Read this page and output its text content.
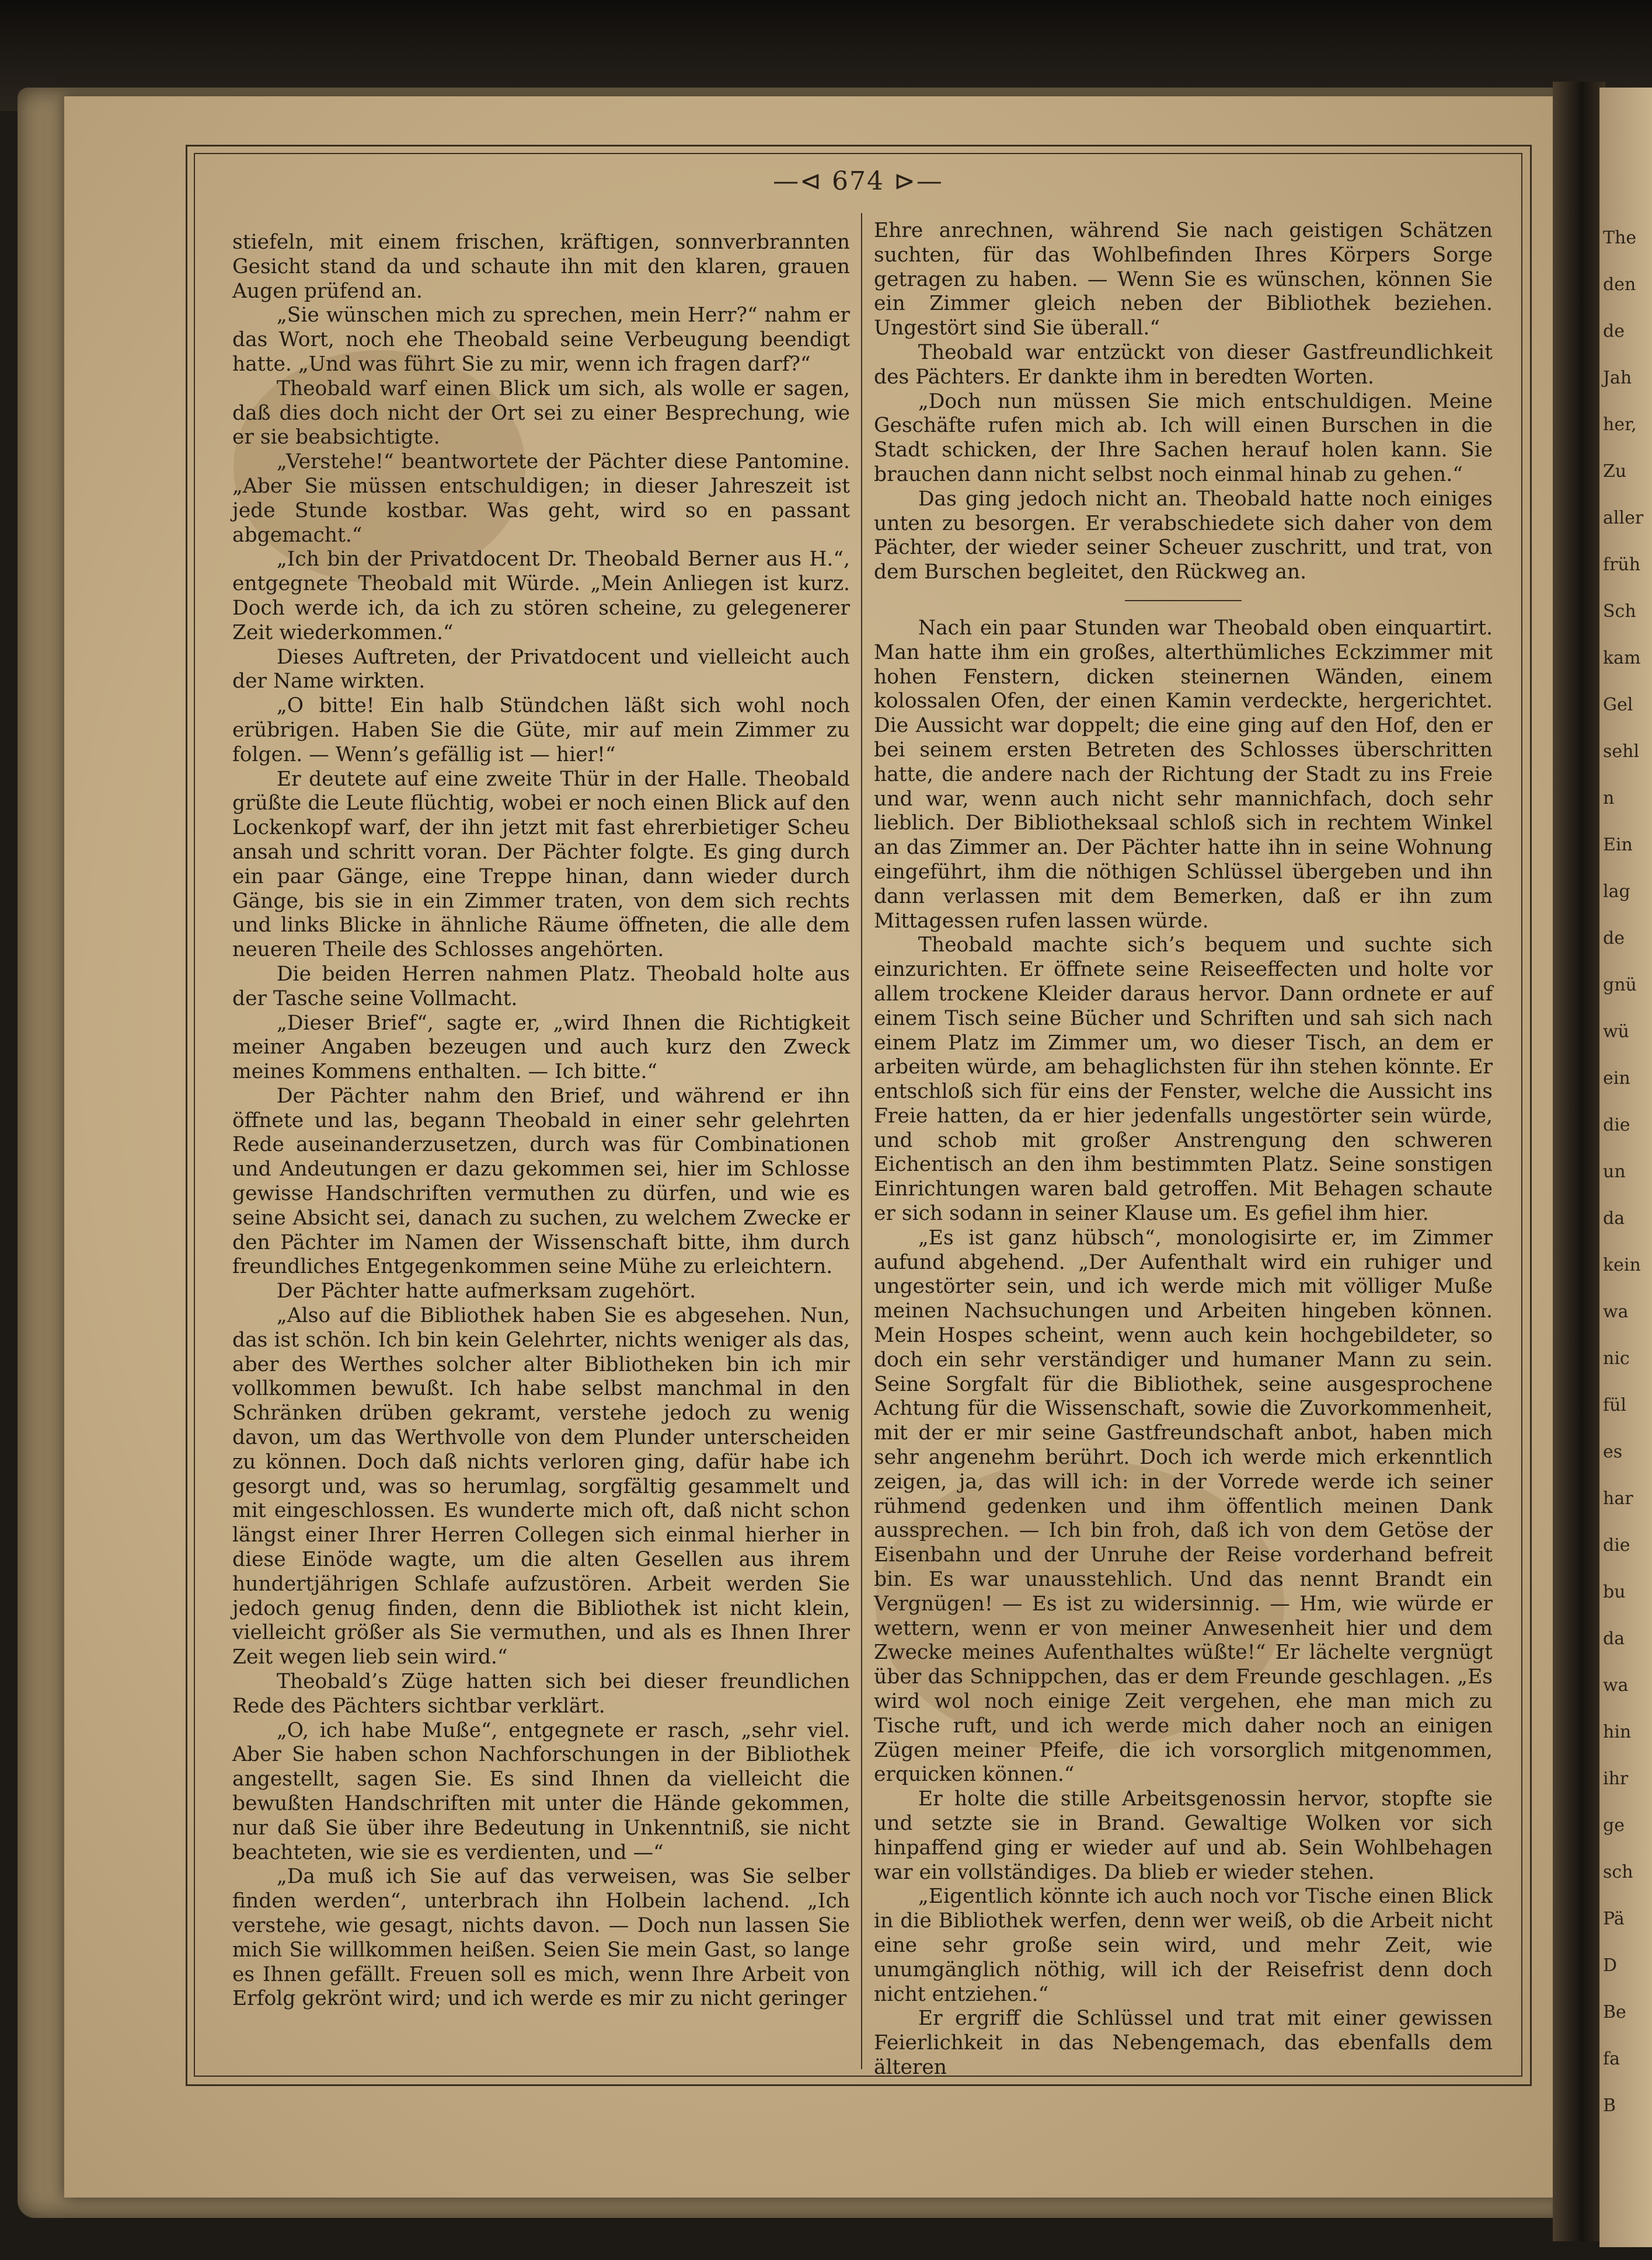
The
den
de
Jah
her,
Zu
aller
früh
Sch
kam
Gel
sehl
n
Ein
lag
de
gnü
wü
ein
die
un
da
kein
wa
nic
fül
es
har
die
bu
da
wa
hin
ihr
ge
sch
Pä
D
Be
fa
B
—⊲ 674 ⊳—

stiefeln, mit einem frischen, kräftigen, sonnverbrannten Gesicht stand da und schaute ihn mit den klaren, grauen Augen prüfend an.

„Sie wünschen mich zu sprechen, mein Herr?“ nahm er das Wort, noch ehe Theobald seine Verbeugung beendigt hatte. „Und was führt Sie zu mir, wenn ich fragen darf?“

Theobald warf einen Blick um sich, als wolle er sagen, daß dies doch nicht der Ort sei zu einer Besprechung, wie er sie beabsichtigte.

„Verstehe!“ beantwortete der Pächter diese Pantomine. „Aber Sie müssen entschuldigen; in dieser Jahreszeit ist jede Stunde kostbar. Was geht, wird so en passant abgemacht.“

„Ich bin der Privatdocent Dr. Theobald Berner aus H.“, entgegnete Theobald mit Würde. „Mein Anliegen ist kurz. Doch werde ich, da ich zu stören scheine, zu gelegenerer Zeit wiederkommen.“

Dieses Auftreten, der Privatdocent und vielleicht auch der Name wirkten.

„O bitte! Ein halb Stündchen läßt sich wohl noch erübrigen. Haben Sie die Güte, mir auf mein Zimmer zu folgen. — Wenn’s gefällig ist — hier!“

Er deutete auf eine zweite Thür in der Halle. Theobald grüßte die Leute flüchtig, wobei er noch einen Blick auf den Lockenkopf warf, der ihn jetzt mit fast ehrerbietiger Scheu ansah und schritt voran. Der Pächter folgte. Es ging durch ein paar Gänge, eine Treppe hinan, dann wieder durch Gänge, bis sie in ein Zimmer traten, von dem sich rechts und links Blicke in ähnliche Räume öffneten, die alle dem neueren Theile des Schlosses angehörten.

Die beiden Herren nahmen Platz. Theobald holte aus der Tasche seine Vollmacht.

„Dieser Brief“, sagte er, „wird Ihnen die Richtigkeit meiner Angaben bezeugen und auch kurz den Zweck meines Kommens enthalten. — Ich bitte.“

Der Pächter nahm den Brief, und während er ihn öffnete und las, begann Theobald in einer sehr gelehrten Rede auseinanderzusetzen, durch was für Combinationen und Andeutungen er dazu gekommen sei, hier im Schlosse gewisse Handschriften vermuthen zu dürfen, und wie es seine Absicht sei, danach zu suchen, zu welchem Zwecke er den Pächter im Namen der Wissenschaft bitte, ihm durch freundliches Entgegenkommen seine Mühe zu erleichtern.

Der Pächter hatte aufmerksam zugehört.

„Also auf die Bibliothek haben Sie es abgesehen. Nun, das ist schön. Ich bin kein Gelehrter, nichts weniger als das, aber des Werthes solcher alter Bibliotheken bin ich mir vollkommen bewußt. Ich habe selbst manchmal in den Schränken drüben gekramt, verstehe jedoch zu wenig davon, um das Werthvolle von dem Plunder unterscheiden zu können. Doch daß nichts verloren ging, dafür habe ich gesorgt und, was so herumlag, sorgfältig gesammelt und mit eingeschlossen. Es wunderte mich oft, daß nicht schon längst einer Ihrer Herren Collegen sich einmal hierher in diese Einöde wagte, um die alten Gesellen aus ihrem hundertjährigen Schlafe aufzustören. Arbeit werden Sie jedoch genug finden, denn die Bibliothek ist nicht klein, vielleicht größer als Sie vermuthen, und als es Ihnen Ihrer Zeit wegen lieb sein wird.“

Theobald’s Züge hatten sich bei dieser freundlichen Rede des Pächters sichtbar verklärt.

„O, ich habe Muße“, entgegnete er rasch, „sehr viel. Aber Sie haben schon Nachforschungen in der Bibliothek angestellt, sagen Sie. Es sind Ihnen da vielleicht die bewußten Handschriften mit unter die Hände gekommen, nur daß Sie über ihre Bedeutung in Unkenntniß, sie nicht beachteten, wie sie es verdienten, und —“

„Da muß ich Sie auf das verweisen, was Sie selber finden werden“, unterbrach ihn Holbein lachend. „Ich verstehe, wie gesagt, nichts davon. — Doch nun lassen Sie mich Sie willkommen heißen. Seien Sie mein Gast, so lange es Ihnen gefällt. Freuen soll es mich, wenn Ihre Arbeit von Erfolg gekrönt wird; und ich werde es mir zu nicht geringer

Ehre anrechnen, während Sie nach geistigen Schätzen suchten, für das Wohlbefinden Ihres Körpers Sorge getragen zu haben. — Wenn Sie es wünschen, können Sie ein Zimmer gleich neben der Bibliothek beziehen. Ungestört sind Sie überall.“

Theobald war entzückt von dieser Gastfreundlichkeit des Pächters. Er dankte ihm in beredten Worten.

„Doch nun müssen Sie mich entschuldigen. Meine Geschäfte rufen mich ab. Ich will einen Burschen in die Stadt schicken, der Ihre Sachen herauf holen kann. Sie brauchen dann nicht selbst noch einmal hinab zu gehen.“

Das ging jedoch nicht an. Theobald hatte noch einiges unten zu besorgen. Er verabschiedete sich daher von dem Pächter, der wieder seiner Scheuer zuschritt, und trat, von dem Burschen begleitet, den Rückweg an.

Nach ein paar Stunden war Theobald oben einquartirt. Man hatte ihm ein großes, alterthümliches Eckzimmer mit hohen Fenstern, dicken steinernen Wänden, einem kolossalen Ofen, der einen Kamin verdeckte, hergerichtet. Die Aussicht war doppelt; die eine ging auf den Hof, den er bei seinem ersten Betreten des Schlosses überschritten hatte, die andere nach der Richtung der Stadt zu ins Freie und war, wenn auch nicht sehr mannichfach, doch sehr lieblich. Der Bibliotheksaal schloß sich in rechtem Winkel an das Zimmer an. Der Pächter hatte ihn in seine Wohnung eingeführt, ihm die nöthigen Schlüssel übergeben und ihn dann verlassen mit dem Bemerken, daß er ihn zum Mittagessen rufen lassen würde.

Theobald machte sich’s bequem und suchte sich einzurichten. Er öffnete seine Reiseeffecten und holte vor allem trockene Kleider daraus hervor. Dann ordnete er auf einem Tisch seine Bücher und Schriften und sah sich nach einem Platz im Zimmer um, wo dieser Tisch, an dem er arbeiten würde, am behaglichsten für ihn stehen könnte. Er entschloß sich für eins der Fenster, welche die Aussicht ins Freie hatten, da er hier jedenfalls ungestörter sein würde, und schob mit großer Anstrengung den schweren Eichentisch an den ihm bestimmten Platz. Seine sonstigen Einrichtungen waren bald getroffen. Mit Behagen schaute er sich sodann in seiner Klause um. Es gefiel ihm hier.

„Es ist ganz hübsch“, monologisirte er, im Zimmer aufund abgehend. „Der Aufenthalt wird ein ruhiger und ungestörter sein, und ich werde mich mit völliger Muße meinen Nachsuchungen und Arbeiten hingeben können. Mein Hospes scheint, wenn auch kein hochgebildeter, so doch ein sehr verständiger und humaner Mann zu sein. Seine Sorgfalt für die Bibliothek, seine ausgesprochene Achtung für die Wissenschaft, sowie die Zuvorkommenheit, mit der er mir seine Gastfreundschaft anbot, haben mich sehr angenehm berührt. Doch ich werde mich erkenntlich zeigen, ja, das will ich: in der Vorrede werde ich seiner rühmend gedenken und ihm öffentlich meinen Dank aussprechen. — Ich bin froh, daß ich von dem Getöse der Eisenbahn und der Unruhe der Reise vorderhand befreit bin. Es war unausstehlich. Und das nennt Brandt ein Vergnügen! — Es ist zu widersinnig. — Hm, wie würde er wettern, wenn er von meiner Anwesenheit hier und dem Zwecke meines Aufenthaltes wüßte!“ Er lächelte vergnügt über das Schnippchen, das er dem Freunde geschlagen. „Es wird wol noch einige Zeit vergehen, ehe man mich zu Tische ruft, und ich werde mich daher noch an einigen Zügen meiner Pfeife, die ich vorsorglich mitgenommen, erquicken können.“

Er holte die stille Arbeitsgenossin hervor, stopfte sie und setzte sie in Brand. Gewaltige Wolken vor sich hinpaffend ging er wieder auf und ab. Sein Wohlbehagen war ein vollständiges. Da blieb er wieder stehen.

„Eigentlich könnte ich auch noch vor Tische einen Blick in die Bibliothek werfen, denn wer weiß, ob die Arbeit nicht eine sehr große sein wird, und mehr Zeit, wie unumgänglich nöthig, will ich der Reisefrist denn doch nicht entziehen.“

Er ergriff die Schlüssel und trat mit einer gewissen Feierlichkeit in das Nebengemach, das ebenfalls dem älteren
